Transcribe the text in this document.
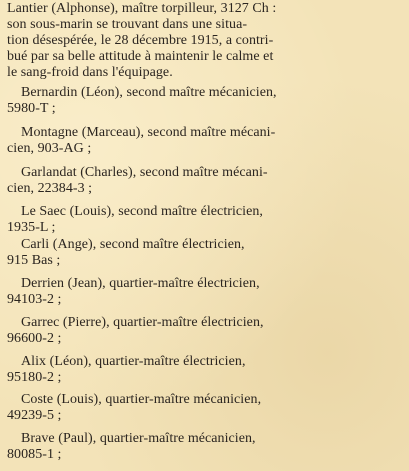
Lantier (Alphonse), maître torpilleur, 3127 Ch :
son sous-marin se trouvant dans une situa-
tion désespérée, le 28 décembre 1915, a contri-
bué par sa belle attitude à maintenir le calme et
le sang-froid dans l'équipage.

Bernardin (Léon), second maître mécanicien,
5980-T ;

Montagne (Marceau), second maître mécani-
cien, 903-AG ;

Garlandat (Charles), second maître mécani-
cien, 22384-3 ;

Le Saec (Louis), second maître électricien,
1935-L ;

Carli (Ange), second maître électricien,
915 Bas ;

Derrien (Jean), quartier-maître électricien,
94103-2 ;

Garrec (Pierre), quartier-maître électricien,
96600-2 ;

Alix (Léon), quartier-maître électricien,
95180-2 ;

Coste (Louis), quartier-maître mécanicien,
49239-5 ;

Brave (Paul), quartier-maître mécanicien,
80085-1 ;
